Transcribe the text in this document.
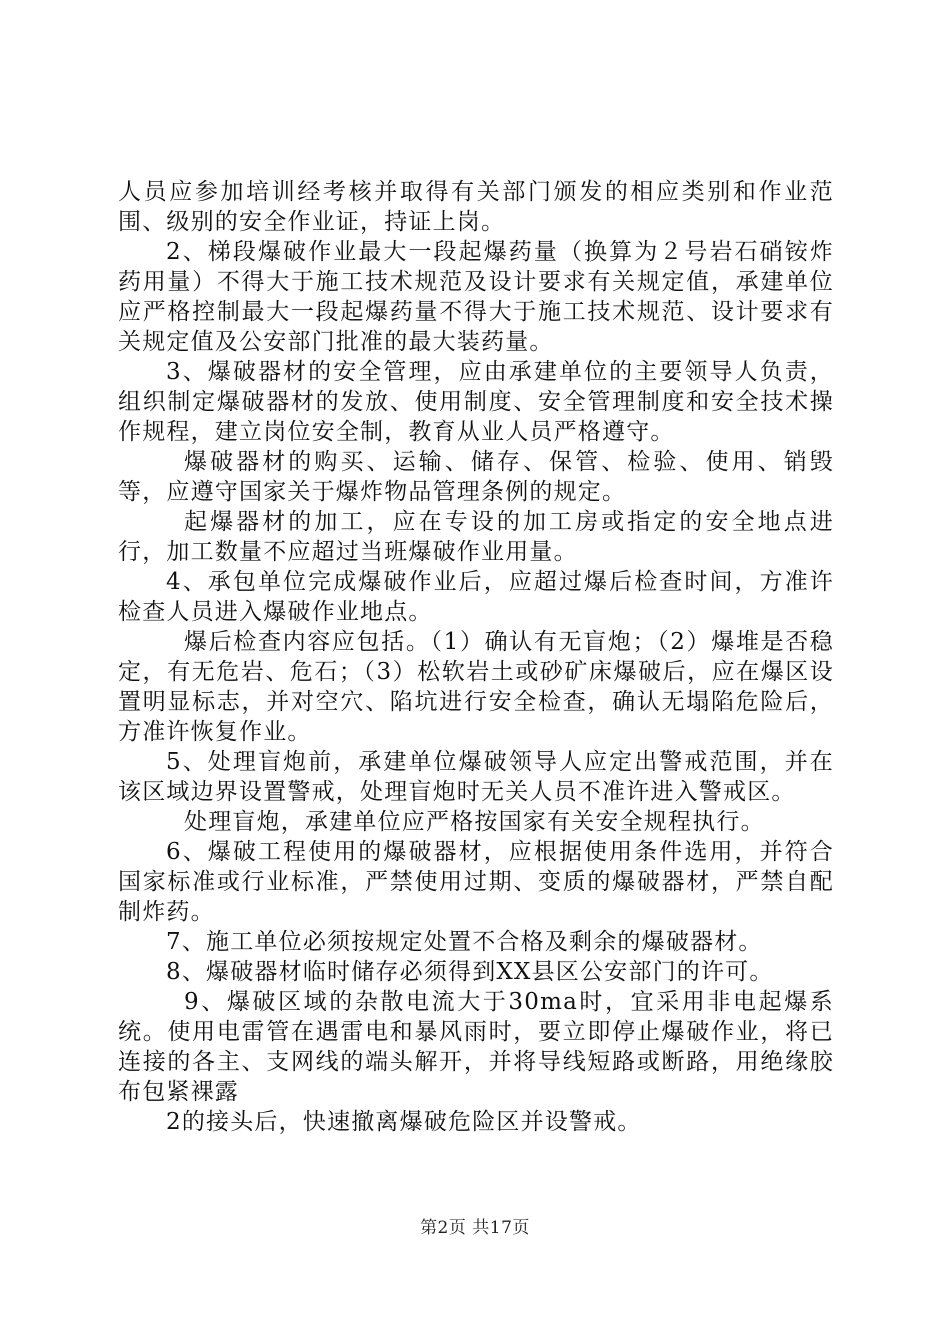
人员应参加培训经考核并取得有关部门颁发的相应类别和作业范围、级别的安全作业证，持证上岗。

2、梯段爆破作业最大一段起爆药量（换算为２号岩石硝铵炸药用量）不得大于施工技术规范及设计要求有关规定值，承建单位应严格控制最大一段起爆药量不得大于施工技术规范、设计要求有关规定值及公安部门批准的最大装药量。

3、爆破器材的安全管理，应由承建单位的主要领导人负责，组织制定爆破器材的发放、使用制度、安全管理制度和安全技术操作规程，建立岗位安全制，教育从业人员严格遵守。

爆破器材的购买、运输、储存、保管、检验、使用、销毁等，应遵守国家关于爆炸物品管理条例的规定。

起爆器材的加工，应在专设的加工房或指定的安全地点进行，加工数量不应超过当班爆破作业用量。

4、承包单位完成爆破作业后，应超过爆后检查时间，方准许检查人员进入爆破作业地点。

爆后检查内容应包括。（1）确认有无盲炮；（2）爆堆是否稳定，有无危岩、危石；（3）松软岩土或砂矿床爆破后，应在爆区设置明显标志，并对空穴、陷坑进行安全检查，确认无塌陷危险后，方准许恢复作业。

5、处理盲炮前，承建单位爆破领导人应定出警戒范围，并在该区域边界设置警戒，处理盲炮时无关人员不准许进入警戒区。

处理盲炮，承建单位应严格按国家有关安全规程执行。

6、爆破工程使用的爆破器材，应根据使用条件选用，并符合国家标准或行业标准，严禁使用过期、变质的爆破器材，严禁自配制炸药。

7、施工单位必须按规定处置不合格及剩余的爆破器材。

8、爆破器材临时储存必须得到XX县区公安部门的许可。

9、爆破区域的杂散电流大于30ma时，宜采用非电起爆系统。使用电雷管在遇雷电和暴风雨时，要立即停止爆破作业，将已连接的各主、支网线的端头解开，并将导线短路或断路，用绝缘胶布包紧裸露

2的接头后，快速撤离爆破危险区并设警戒。

第2页 共17页
